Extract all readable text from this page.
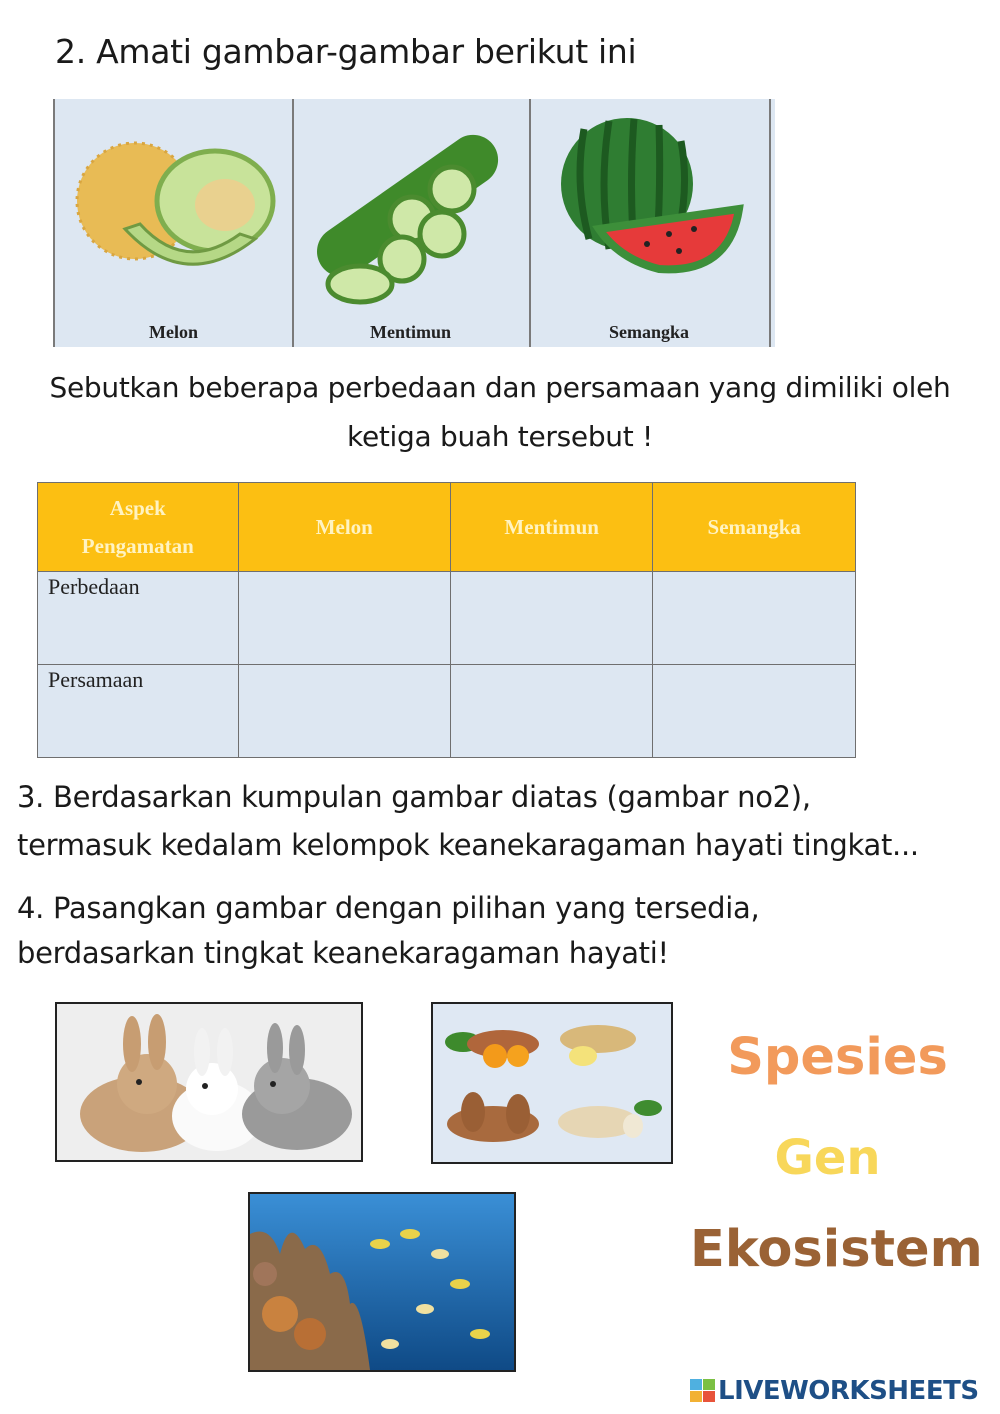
2. Amati gambar-gambar berikut ini
Melon	Mentimun	Semangka
Sebutkan beberapa perbedaan dan persamaan yang dimiliki oleh
ketiga buah tersebut !
Aspek
Pengamatan	Melon	Mentimun	Semangka
Perbedaan			
Persamaan			
3. Berdasarkan kumpulan gambar diatas (gambar no2),
termasuk kedalam kelompok keanekaragaman hayati tingkat...
4. Pasangkan gambar dengan pilihan yang tersedia,
berdasarkan tingkat keanekaragaman hayati!
Spesies
Gen
Ekosistem
LIVEWORKSHEETS
